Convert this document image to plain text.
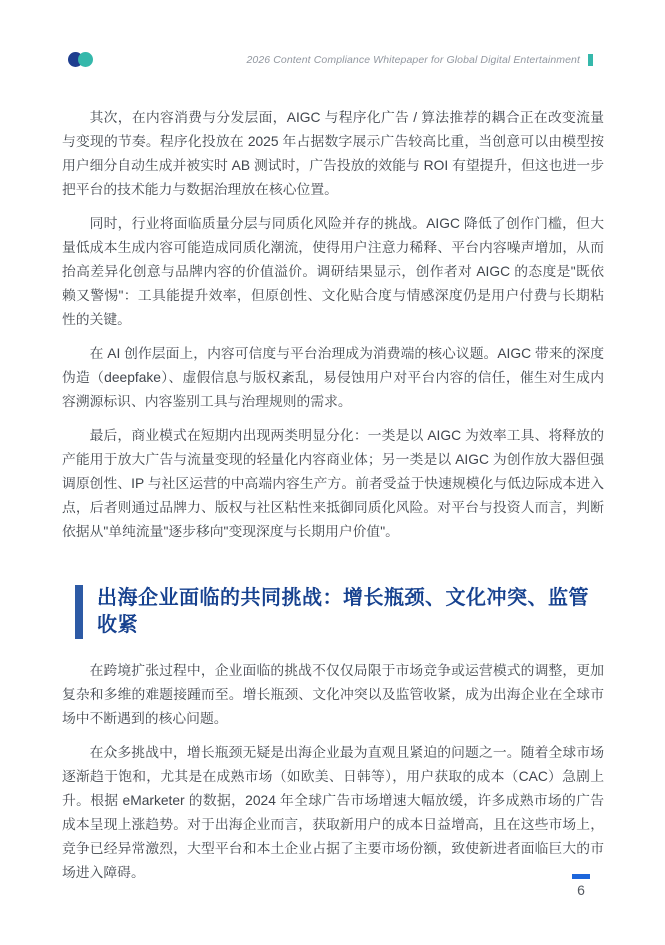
2026 Content Compliance Whitepaper for Global Digital Entertainment

其次，在内容消费与分发层面，AIGC 与程序化广告 / 算法推荐的耦合正在改变流量与变现的节奏。程序化投放在 2025 年占据数字展示广告较高比重，当创意可以由模型按用户细分自动生成并被实时 AB 测试时，广告投放的效能与 ROI 有望提升，但这也进一步把平台的技术能力与数据治理放在核心位置。

同时，行业将面临质量分层与同质化风险并存的挑战。AIGC 降低了创作门槛，但大量低成本生成内容可能造成同质化潮流，使得用户注意力稀释、平台内容噪声增加，从而抬高差异化创意与品牌内容的价值溢价。调研结果显示，创作者对 AIGC 的态度是"既依赖又警惕"：工具能提升效率，但原创性、文化贴合度与情感深度仍是用户付费与长期粘性的关键。

在 AI 创作层面上，内容可信度与平台治理成为消费端的核心议题。AIGC 带来的深度伪造（deepfake）、虚假信息与版权紊乱，易侵蚀用户对平台内容的信任，催生对生成内容溯源标识、内容鉴别工具与治理规则的需求。

最后，商业模式在短期内出现两类明显分化：一类是以 AIGC 为效率工具、将释放的产能用于放大广告与流量变现的轻量化内容商业体；另一类是以 AIGC 为创作放大器但强调原创性、IP 与社区运营的中高端内容生产方。前者受益于快速规模化与低边际成本进入点，后者则通过品牌力、版权与社区粘性来抵御同质化风险。对平台与投资人而言，判断依据从"单纯流量"逐步移向"变现深度与长期用户价值"。

出海企业面临的共同挑战：增长瓶颈、文化冲突、监管收紧

在跨境扩张过程中，企业面临的挑战不仅仅局限于市场竞争或运营模式的调整，更加复杂和多维的难题接踵而至。增长瓶颈、文化冲突以及监管收紧，成为出海企业在全球市场中不断遇到的核心问题。

在众多挑战中，增长瓶颈无疑是出海企业最为直观且紧迫的问题之一。随着全球市场逐渐趋于饱和，尤其是在成熟市场（如欧美、日韩等），用户获取的成本（CAC）急剧上升。根据 eMarketer 的数据，2024 年全球广告市场增速大幅放缓，许多成熟市场的广告成本呈现上涨趋势。对于出海企业而言，获取新用户的成本日益增高，且在这些市场上，竞争已经异常激烈，大型平台和本土企业占据了主要市场份额，致使新进者面临巨大的市场进入障碍。

6
